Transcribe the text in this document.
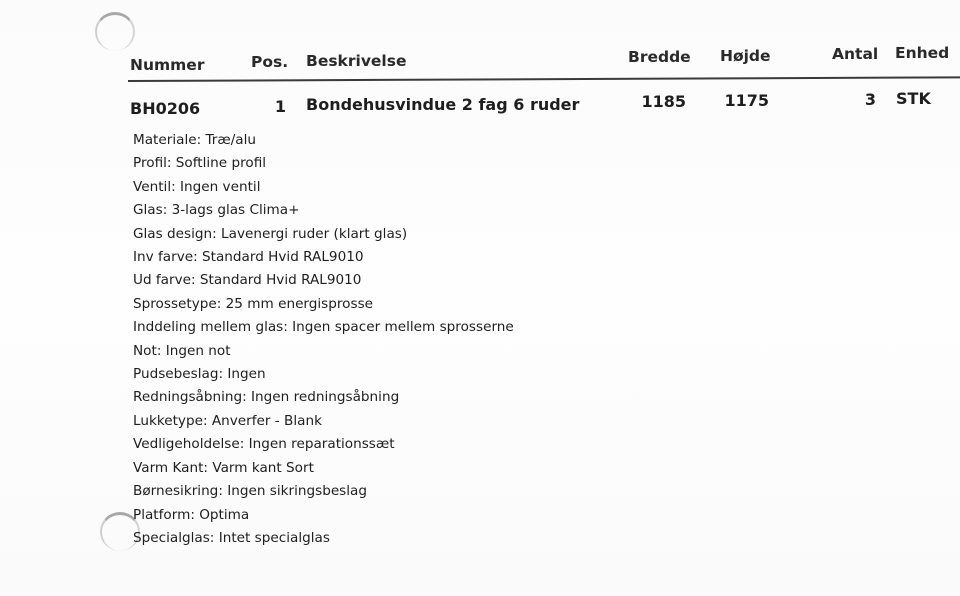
Nummer	Pos. Beskrivelse	Bredde Højde	Antal Enhed
BH0206	1 Bondehusvindue 2 fag 6 ruder	1185	1175	3 STK
Materiale: Træ/alu
Profil: Softline profil
Ventil: Ingen ventil
Glas: 3-lags glas Clima+
Glas design: Lavenergi ruder (klart glas)
Inv farve: Standard Hvid RAL9010
Ud farve: Standard Hvid RAL9010
Sprossetype: 25 mm energisprosse
Inddeling mellem glas: Ingen spacer mellem sprosserne
Not: Ingen not
Pudsebeslag: Ingen
Redningsåbning: Ingen redningsåbning
Lukketype: Anverfer - Blank
Vedligeholdelse: Ingen reparationssæt
Varm Kant: Varm kant Sort
Børnesikring: Ingen sikringsbeslag
Platform: Optima
Specialglas: Intet specialglas
